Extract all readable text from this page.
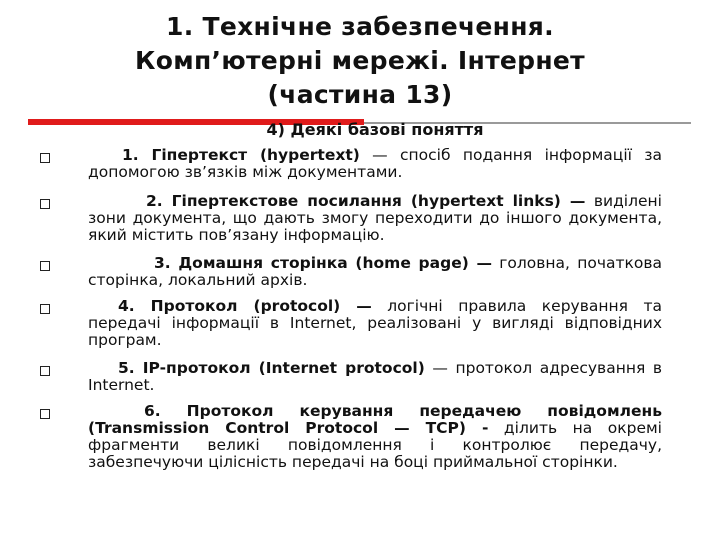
1. Технічне забезпечення.
Комп’ютерні мережі. Інтернет
(частина 13)
4) Деякі базові поняття
1. Гіпертекст (hypertext) — спосіб подання інформації за допомогою зв’язків між документами.
2. Гіпертекстове посилання (hypertext links) — виділені зони документа, що дають змогу переходити до іншого документа, який містить пов’язану інформацію.
3. Домашня сторінка (home page) — головна, початкова сторінка, локальний архів.
4. Протокол (protocol) — логічні правила керування та передачі інформації в Internet, реалізовані у вигляді відповідних програм.
5. IP-протокол (Internet protocol) — протокол адресування в Internet.
6. Протокол керування передачею повідомлень (Transmission Control Protocol — TCP) - ділить на окремі фрагменти великі повідомлення і контролює передачу, забезпечуючи цілісність передачі на боці приймальної сторінки.
